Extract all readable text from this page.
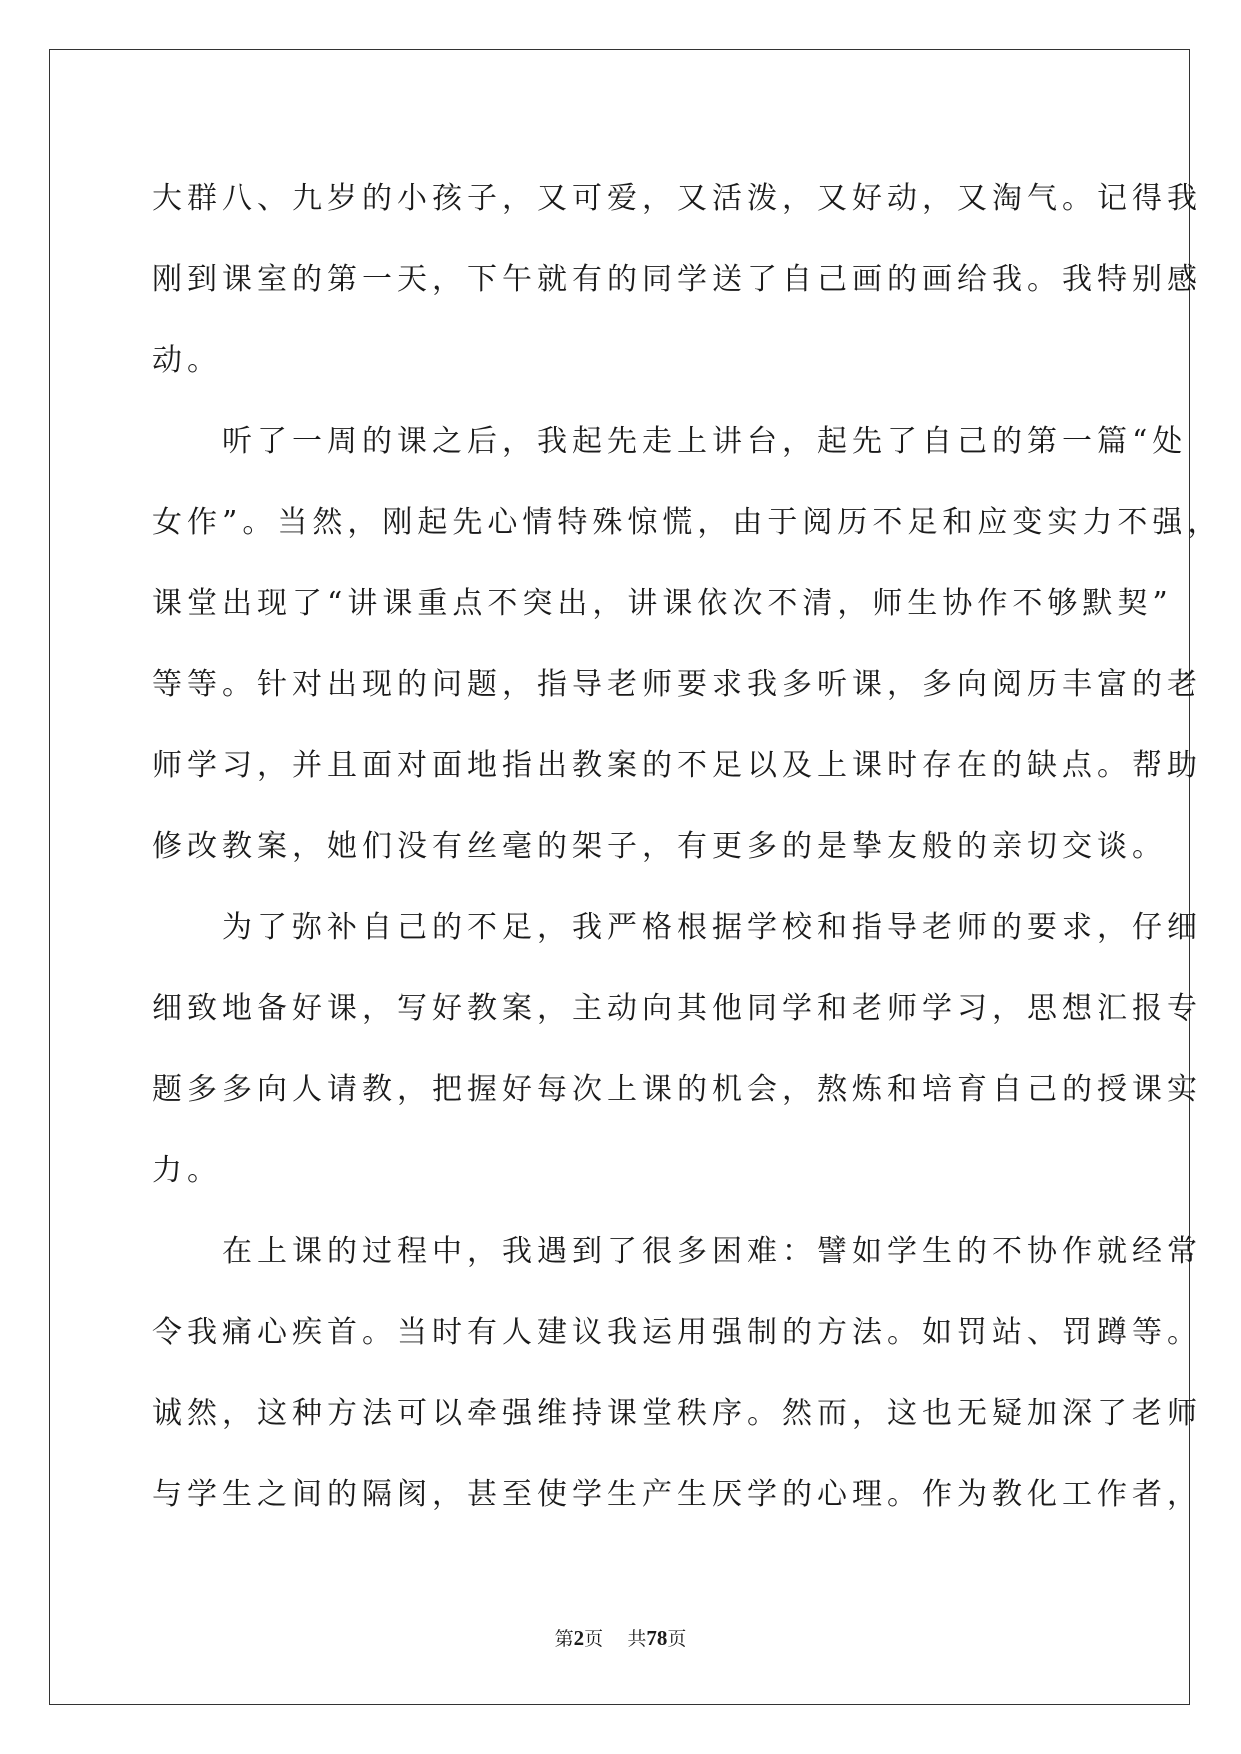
大群八、九岁的小孩子，又可爱，又活泼，又好动，又淘气。记得我
刚到课室的第一天，下午就有的同学送了自己画的画给我。我特别感
动。
　　听了一周的课之后，我起先走上讲台，起先了自己的第一篇“处
女作”。当然，刚起先心情特殊惊慌，由于阅历不足和应变实力不强，
课堂出现了“讲课重点不突出，讲课依次不清，师生协作不够默契”
等等。针对出现的问题，指导老师要求我多听课，多向阅历丰富的老
师学习，并且面对面地指出教案的不足以及上课时存在的缺点。帮助
修改教案，她们没有丝毫的架子，有更多的是挚友般的亲切交谈。
　　为了弥补自己的不足，我严格根据学校和指导老师的要求，仔细
细致地备好课，写好教案，主动向其他同学和老师学习，思想汇报专
题多多向人请教，把握好每次上课的机会，熬炼和培育自己的授课实
力。
　　在上课的过程中，我遇到了很多困难：譬如学生的不协作就经常
令我痛心疾首。当时有人建议我运用强制的方法。如罚站、罚蹲等。
诚然，这种方法可以牵强维持课堂秩序。然而，这也无疑加深了老师
与学生之间的隔阂，甚至使学生产生厌学的心理。作为教化工作者，
第2页 共78页
